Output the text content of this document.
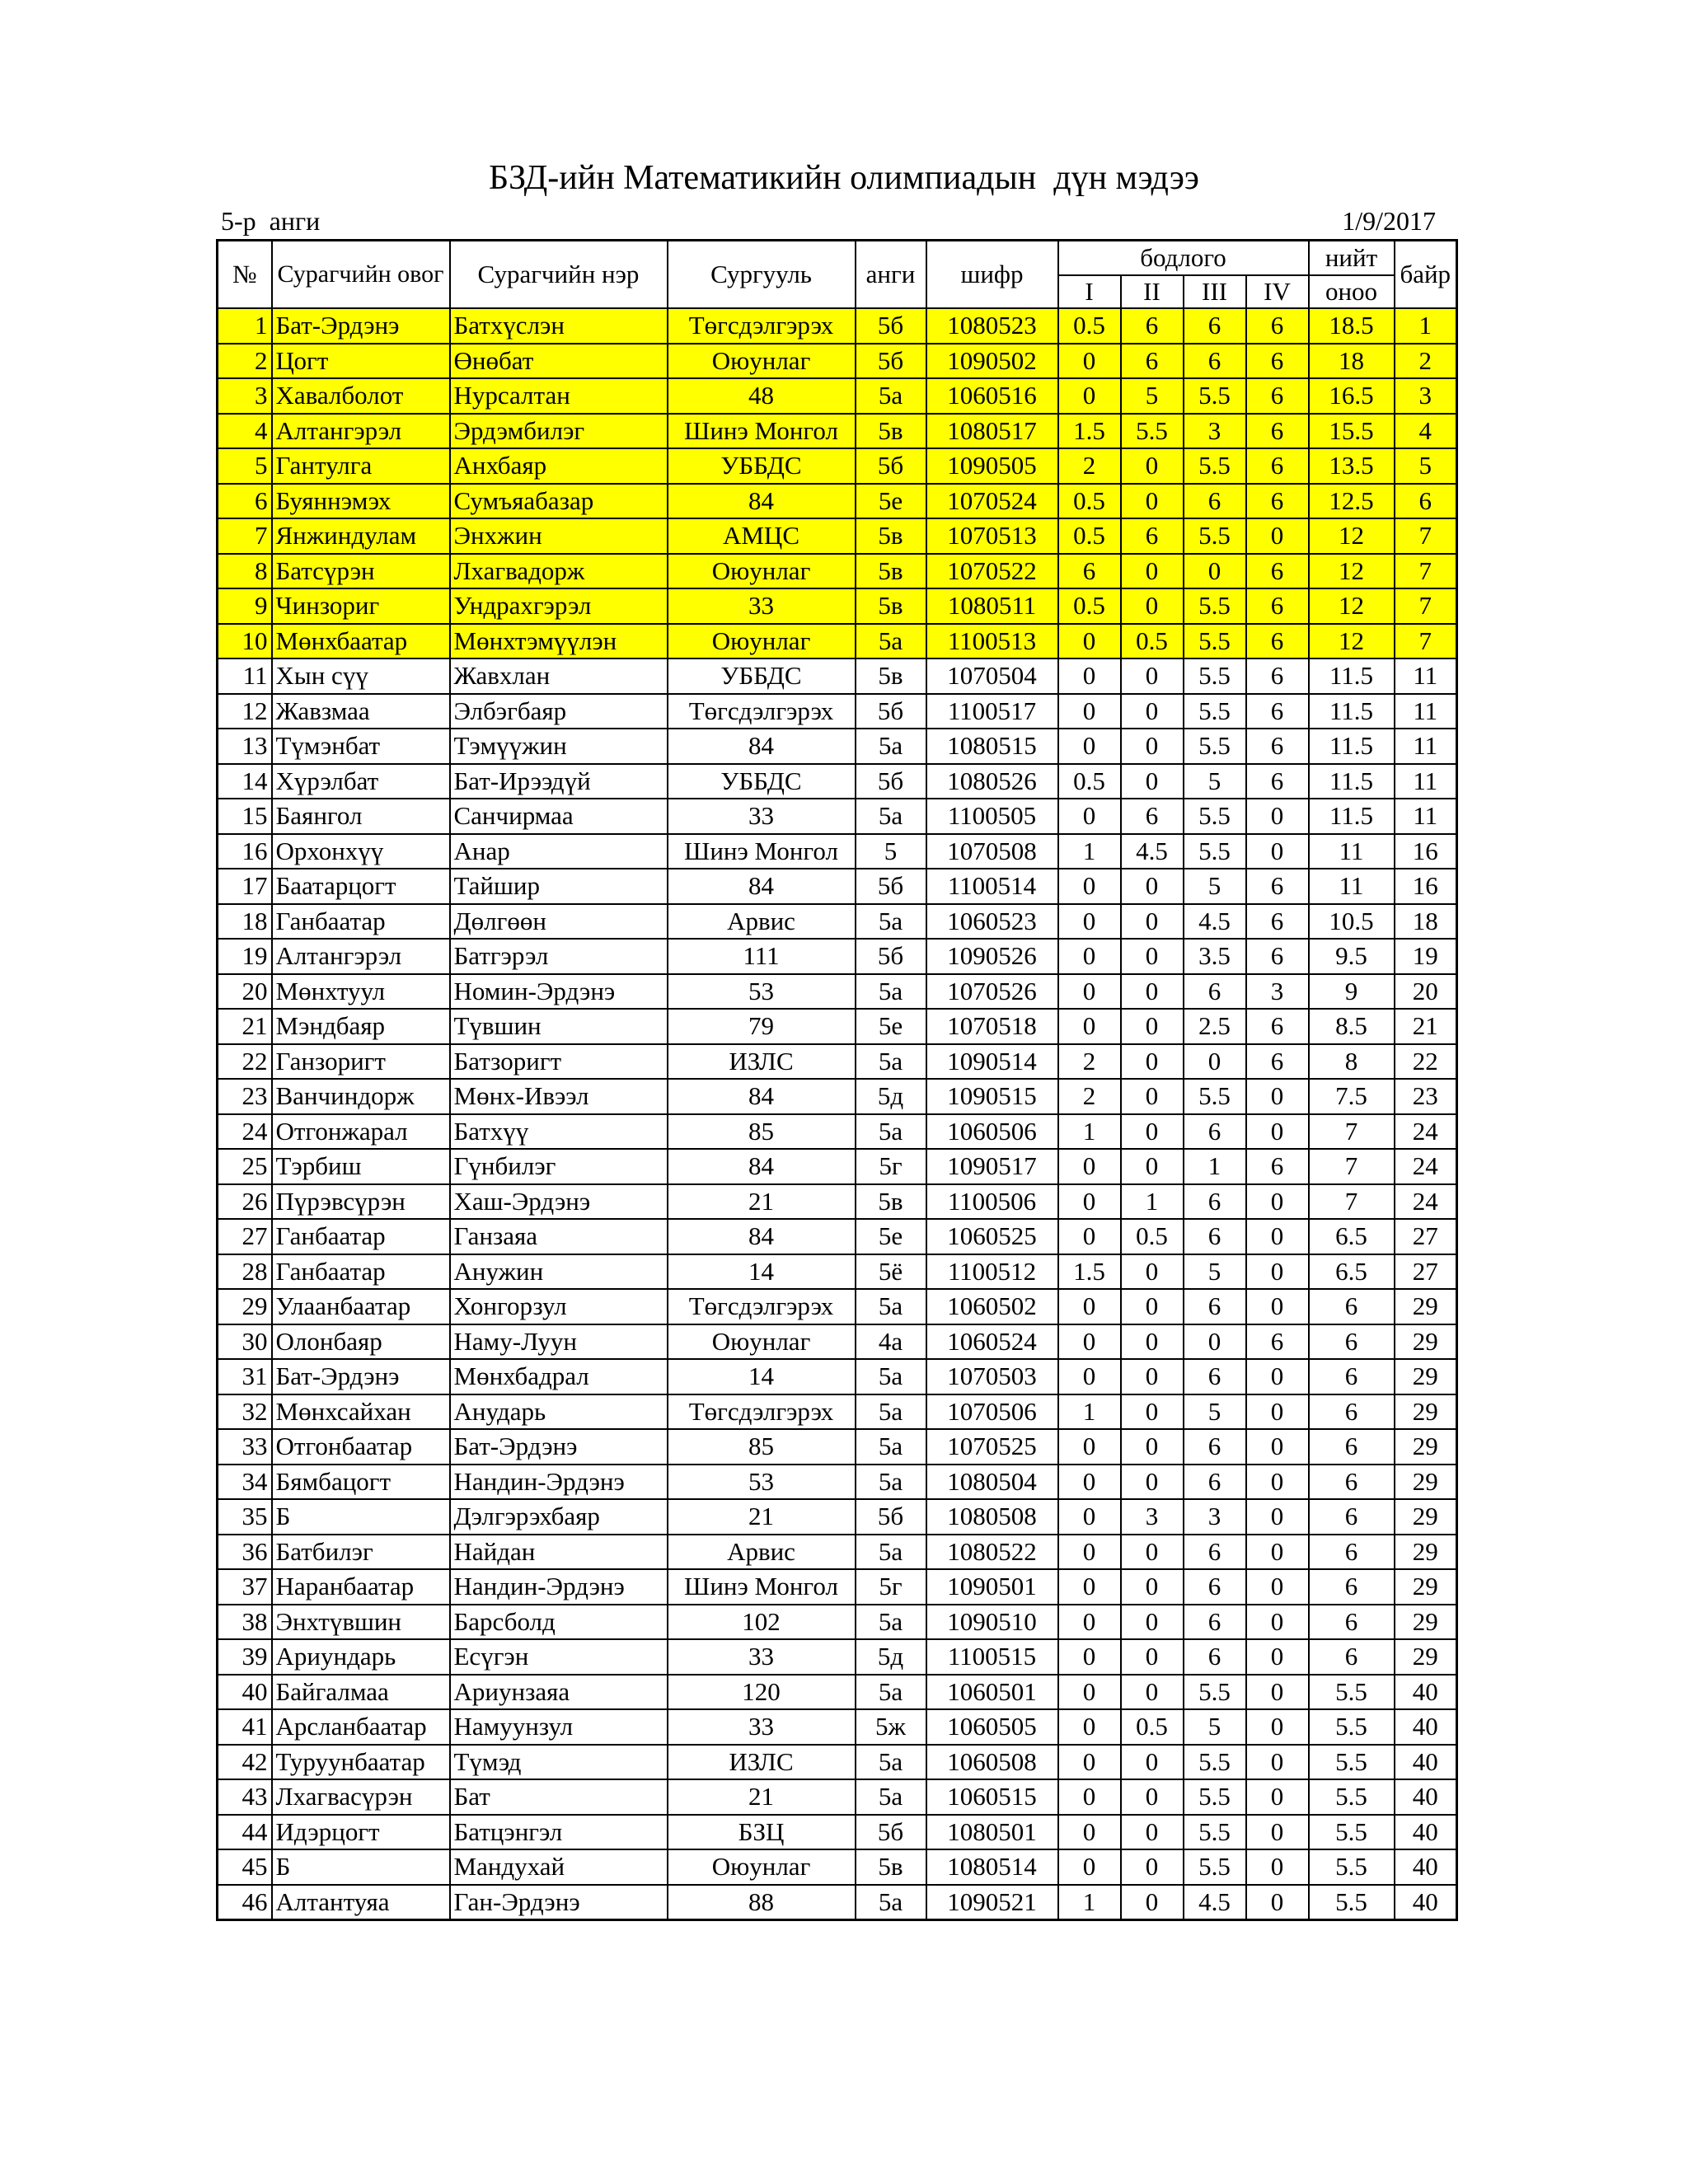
БЗД-ийн Математикийн олимпиадын  дүн мэдээ
5-р  анги	1/9/2017
№	Сурагчийн овог	Сурагчийн нэр	Сургууль	анги	шифр	бодлого				нийт	байр
						I	II	III	IV	оноо	
1	Бат-Эрдэнэ	Батхүслэн	Төгсдэлгэрэх	5б	1080523	0.5	6	6	6	18.5	1
2	Цогт	Өнөбат	Оюунлаг	5б	1090502	0	6	6	6	18	2
3	Хавалболот	Нурсалтан	48	5а	1060516	0	5	5.5	6	16.5	3
4	Алтангэрэл	Эрдэмбилэг	Шинэ Монгол	5в	1080517	1.5	5.5	3	6	15.5	4
5	Гантулга	Анхбаяр	УББДС	5б	1090505	2	0	5.5	6	13.5	5
6	Буяннэмэх	Сумъяабазар	84	5е	1070524	0.5	0	6	6	12.5	6
7	Янжиндулам	Энхжин	АМЦС	5в	1070513	0.5	6	5.5	0	12	7
8	Батсүрэн	Лхагвадорж	Оюунлаг	5в	1070522	6	0	0	6	12	7
9	Чинзориг	Ундрахгэрэл	33	5в	1080511	0.5	0	5.5	6	12	7
10	Мөнхбаатар	Мөнхтэмүүлэн	Оюунлаг	5а	1100513	0	0.5	5.5	6	12	7
11	Хын сүү	Жавхлан	УББДС	5в	1070504	0	0	5.5	6	11.5	11
12	Жавзмаа	Элбэгбаяр	Төгсдэлгэрэх	5б	1100517	0	0	5.5	6	11.5	11
13	Түмэнбат	Тэмүүжин	84	5а	1080515	0	0	5.5	6	11.5	11
14	Хүрэлбат	Бат-Ирээдүй	УББДС	5б	1080526	0.5	0	5	6	11.5	11
15	Баянгол	Санчирмаа	33	5а	1100505	0	6	5.5	0	11.5	11
16	Орхонхүү	Анар	Шинэ Монгол	5	1070508	1	4.5	5.5	0	11	16
17	Баатарцогт	Тайшир	84	5б	1100514	0	0	5	6	11	16
18	Ганбаатар	Дөлгөөн	Арвис	5а	1060523	0	0	4.5	6	10.5	18
19	Алтангэрэл	Батгэрэл	111	5б	1090526	0	0	3.5	6	9.5	19
20	Мөнхтуул	Номин-Эрдэнэ	53	5а	1070526	0	0	6	3	9	20
21	Мэндбаяр	Түвшин	79	5е	1070518	0	0	2.5	6	8.5	21
22	Ганзоригт	Батзоригт	ИЗЛС	5а	1090514	2	0	0	6	8	22
23	Ванчиндорж	Мөнх-Ивээл	84	5д	1090515	2	0	5.5	0	7.5	23
24	Отгонжарал	Батхүү	85	5а	1060506	1	0	6	0	7	24
25	Тэрбиш	Гүнбилэг	84	5г	1090517	0	0	1	6	7	24
26	Пүрэвсүрэн	Хаш-Эрдэнэ	21	5в	1100506	0	1	6	0	7	24
27	Ганбаатар	Ганзаяа	84	5е	1060525	0	0.5	6	0	6.5	27
28	Ганбаатар	Анужин	14	5ё	1100512	1.5	0	5	0	6.5	27
29	Улаанбаатар	Хонгорзул	Төгсдэлгэрэх	5а	1060502	0	0	6	0	6	29
30	Олонбаяр	Наму-Луун	Оюунлаг	4а	1060524	0	0	0	6	6	29
31	Бат-Эрдэнэ	Мөнхбадрал	14	5а	1070503	0	0	6	0	6	29
32	Мөнхсайхан	Анударь	Төгсдэлгэрэх	5а	1070506	1	0	5	0	6	29
33	Отгонбаатар	Бат-Эрдэнэ	85	5а	1070525	0	0	6	0	6	29
34	Бямбацогт	Нандин-Эрдэнэ	53	5а	1080504	0	0	6	0	6	29
35	Б	Дэлгэрэхбаяр	21	5б	1080508	0	3	3	0	6	29
36	Батбилэг	Найдан	Арвис	5а	1080522	0	0	6	0	6	29
37	Наранбаатар	Нандин-Эрдэнэ	Шинэ Монгол	5г	1090501	0	0	6	0	6	29
38	Энхтүвшин	Барсболд	102	5а	1090510	0	0	6	0	6	29
39	Ариундарь	Есүгэн	33	5д	1100515	0	0	6	0	6	29
40	Байгалмаа	Ариунзаяа	120	5а	1060501	0	0	5.5	0	5.5	40
41	Арсланбаатар	Намуунзул	33	5ж	1060505	0	0.5	5	0	5.5	40
42	Туруунбаатар	Түмэд	ИЗЛС	5а	1060508	0	0	5.5	0	5.5	40
43	Лхагвасүрэн	Бат	21	5а	1060515	0	0	5.5	0	5.5	40
44	Идэрцогт	Батцэнгэл	БЗЦ	5б	1080501	0	0	5.5	0	5.5	40
45	Б	Мандухай	Оюунлаг	5в	1080514	0	0	5.5	0	5.5	40
46	Алтантуяа	Ган-Эрдэнэ	88	5а	1090521	1	0	4.5	0	5.5	40
